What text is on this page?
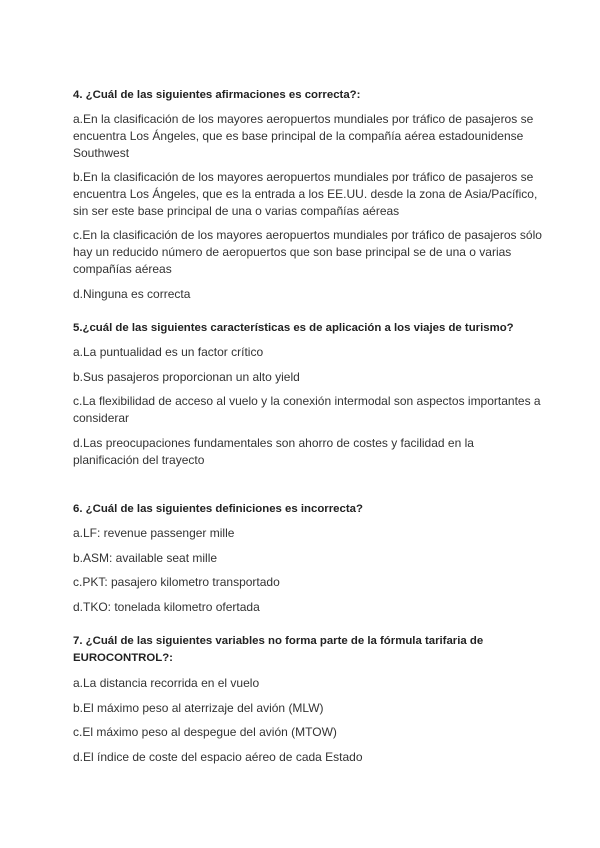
4. ¿Cuál de las siguientes afirmaciones es correcta?:

a.En la clasificación de los mayores aeropuertos mundiales por tráfico de pasajeros se encuentra Los Ángeles, que es base principal de la compañía aérea estadounidense Southwest

b.En la clasificación de los mayores aeropuertos mundiales por tráfico de pasajeros se encuentra Los Ángeles, que es la entrada a los EE.UU. desde la zona de Asia/Pacífico, sin ser este base principal de una o varias compañías aéreas

c.En la clasificación de los mayores aeropuertos mundiales por tráfico de pasajeros sólo hay un reducido número de aeropuertos que son base principal se de una o varias compañías aéreas

d.Ninguna es correcta

5.¿cuál de las siguientes características es de aplicación a los viajes de turismo?

a.La puntualidad es un factor crítico

b.Sus pasajeros proporcionan un alto yield

c.La flexibilidad de acceso al vuelo y la conexión intermodal son aspectos importantes a considerar

d.Las preocupaciones fundamentales son ahorro de costes y facilidad en la planificación del trayecto

6. ¿Cuál de las siguientes definiciones es incorrecta?

a.LF: revenue passenger mille

b.ASM: available seat mille

c.PKT: pasajero kilometro transportado

d.TKO: tonelada kilometro ofertada

7. ¿Cuál de las siguientes variables no forma parte de la fórmula tarifaria de EUROCONTROL?:

a.La distancia recorrida en el vuelo

b.El máximo peso al aterrizaje del avión (MLW)

c.El máximo peso al despegue del avión (MTOW)

d.El índice de coste del espacio aéreo de cada Estado
